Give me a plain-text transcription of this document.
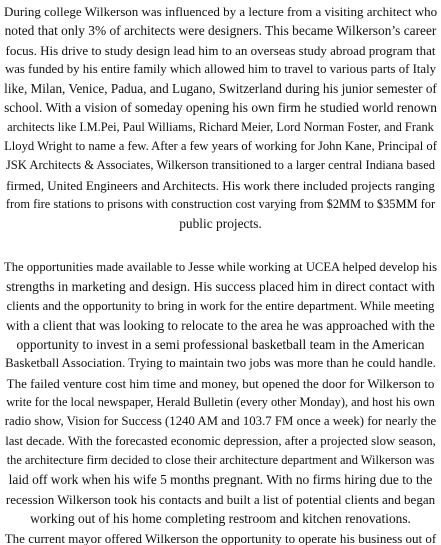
During college Wilkerson was influenced by a lecture from a visiting architect who
noted that only 3% of architects were designers. This became Wilkerson’s career
focus. His drive to study design lead him to an overseas study abroad program that
was funded by his entire family which allowed him to travel to various parts of Italy
like, Milan, Venice, Padua, and Lugano, Switzerland during his junior semester of
school. With a vision of someday opening his own firm he studied world renown
architects like I.M.Pei, Paul Williams, Richard Meier, Lord Norman Foster, and Frank
Lloyd Wright to name a few. After a few years of working for John Kane, Principal of
JSK Architects & Associates, Wilkerson transitioned to a larger central Indiana based
firmed, United Engineers and Architects. His work there included projects ranging
from fire stations to prisons with construction cost varying from $2MM to $35MM for
public projects.
The opportunities made available to Jesse while working at UCEA helped develop his
strengths in marketing and design. His success placed him in direct contact with
clients and the opportunity to bring in work for the entire department. While meeting
with a client that was looking to relocate to the area he was approached with the
opportunity to invest in a semi professional basketball team in the American
Basketball Association. Trying to maintain two jobs was more than he could handle.
The failed venture cost him time and money, but opened the door for Wilkerson to
write for the local newspaper, Herald Bulletin (every other Monday), and host his own
radio show, Vision for Success (1240 AM and 103.7 FM once a week) for nearly the
last decade. With the forecasted economic depression, after a projected slow season,
the architecture firm decided to close their architecture department and Wilkerson was
laid off work when his wife 5 months pregnant. With no firms hiring due to the
recession Wilkerson took his contacts and built a list of potential clients and began
working out of his home completing restroom and kitchen renovations.
The current mayor offered Wilkerson the opportunity to operate his business out of
